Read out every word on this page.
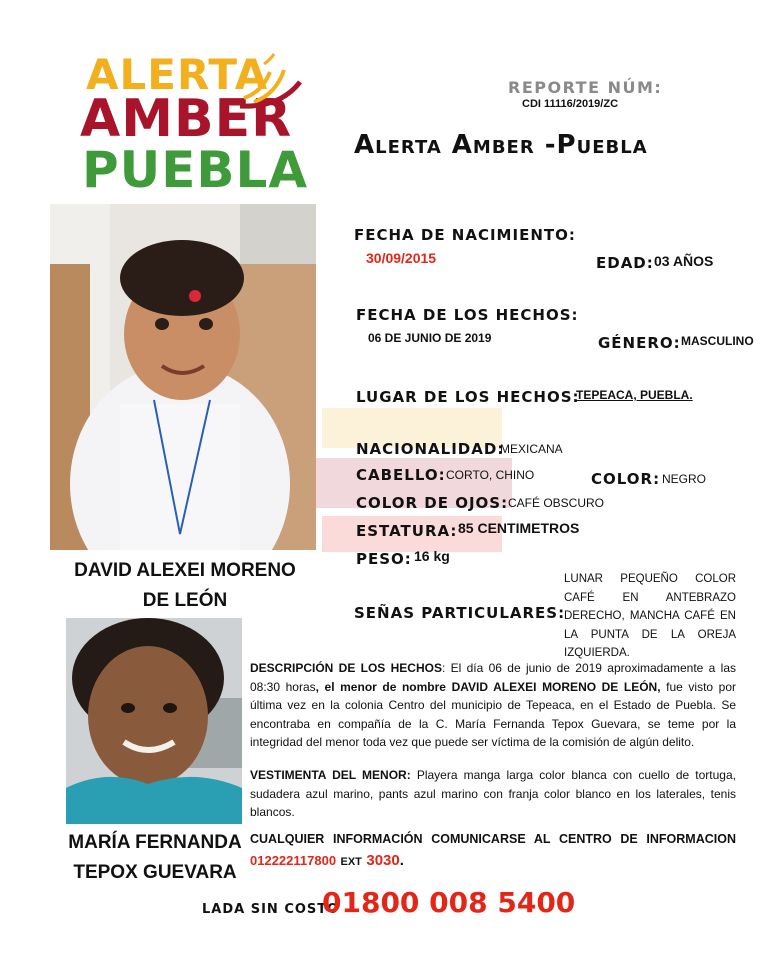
ALERTA
AMBER
PUEBLA
REPORTE NÚM:
CDI 11116/2019/ZC
Alerta Amber -Puebla
DAVID ALEXEI MORENO
DE LEÓN
MARÍA FERNANDA
TEPOX GUEVARA
FECHA DE NACIMIENTO:
30/09/2015	EDAD: 03 AÑOS
FECHA DE LOS HECHOS:
06 DE JUNIO DE 2019	GÉNERO: MASCULINO
LUGAR DE LOS HECHOS:
TEPEACA, PUEBLA.
NACIONALIDAD:
MEXICANA
CABELLO: CORTO, CHINO	COLOR: NEGRO
COLOR DE OJOS: CAFÉ OBSCURO
ESTATURA: 85 CENTIMETROS
PESO: 16 kg
SEÑAS PARTICULARES:
LUNAR PEQUEÑO COLOR CAFÉ EN ANTEBRAZO DERECHO, MANCHA CAFÉ EN LA PUNTA DE LA OREJA IZQUIERDA.
DESCRIPCIÓN DE LOS HECHOS: El día 06 de junio de 2019 aproximadamente a las 08:30 horas, el menor de nombre DAVID ALEXEI MORENO DE LEÓN, fue visto por última vez en la colonia Centro del municipio de Tepeaca, en el Estado de Puebla. Se encontraba en compañía de la C. María Fernanda Tepox Guevara, se teme por la integridad del menor toda vez que puede ser víctima de la comisión de algún delito.
VESTIMENTA DEL MENOR: Playera manga larga color blanca con cuello de tortuga, sudadera azul marino, pants azul marino con franja color blanco en los laterales, tenis blancos.
CUALQUIER INFORMACIÓN COMUNICARSE AL CENTRO DE INFORMACION
012222117800 EXT 3030.
LADA SIN COSTO
01800 008 5400
